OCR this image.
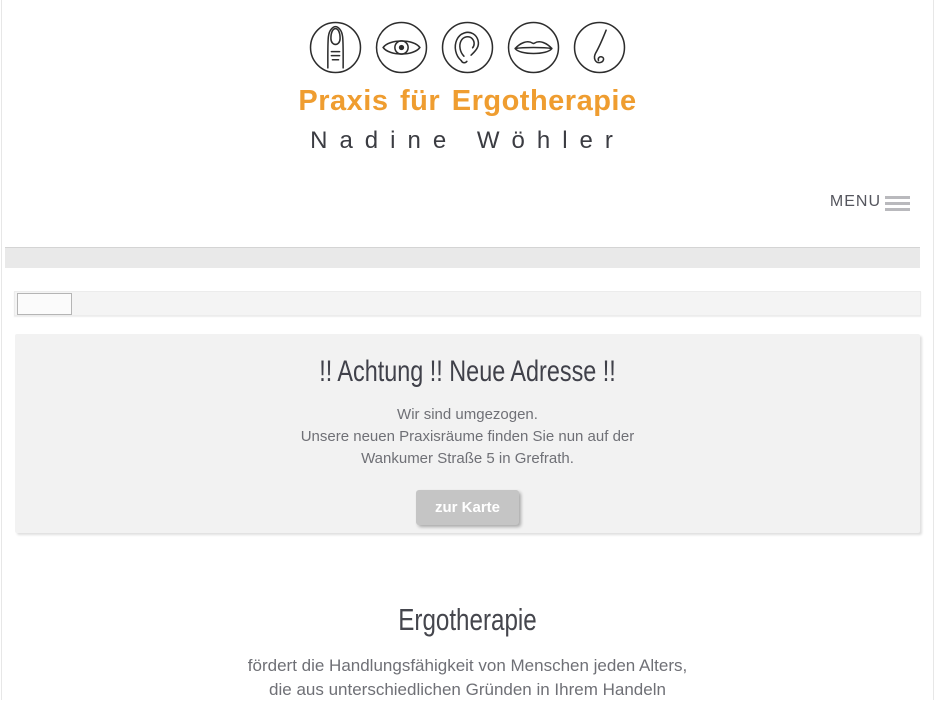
Praxis für Ergotherapie
Nadine Wöhler
MENU
!! Achtung !! Neue Adresse !!
Wir sind umgezogen.
Unsere neuen Praxisräume finden Sie nun auf der
Wankumer Straße 5 in Grefrath.
zur Karte
Ergotherapie
fördert die Handlungsfähigkeit von Menschen jeden Alters,
die aus unterschiedlichen Gründen in Ihrem Handeln
